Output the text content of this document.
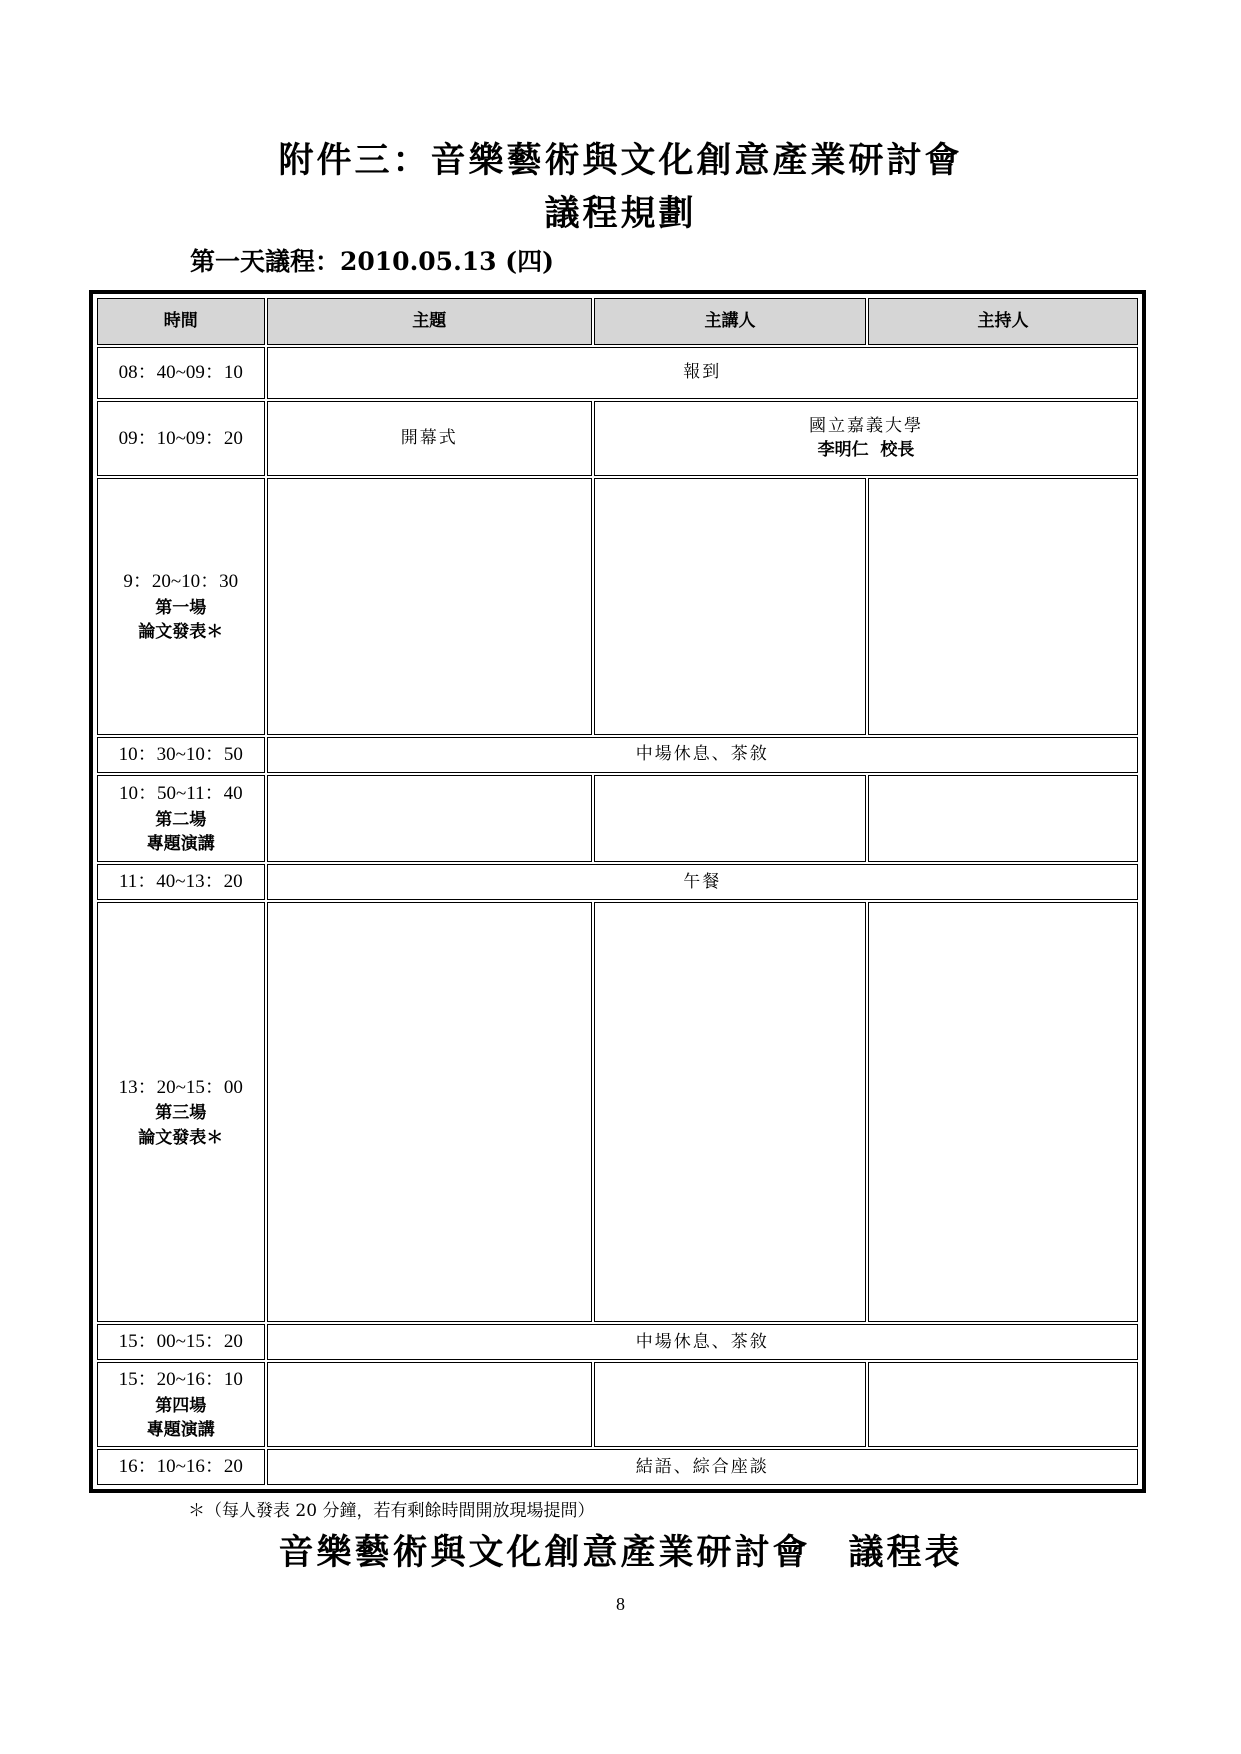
附件三：音樂藝術與文化創意產業研討會
議程規劃
第一天議程：2010.05.13 (四)
時間	主題	主講人	主持人

08：40~09：10	報到		

09：10~09：20	開幕式	國立嘉義大學
李明仁  校長	

9：20~10：30
第一場
論文發表＊			

10：30~10：50	中場休息、茶敘		

10：50~11：40
第二場
專題演講			

11：40~13：20	午餐		

13：20~15：00
第三場
論文發表＊			

15：00~15：20	中場休息、茶敘		

15：20~16：10
第四場
專題演講			

16：10~16：20	結語、綜合座談		
＊（每人發表 20 分鐘，若有剩餘時間開放現場提問）
音樂藝術與文化創意產業研討會　議程表
8
